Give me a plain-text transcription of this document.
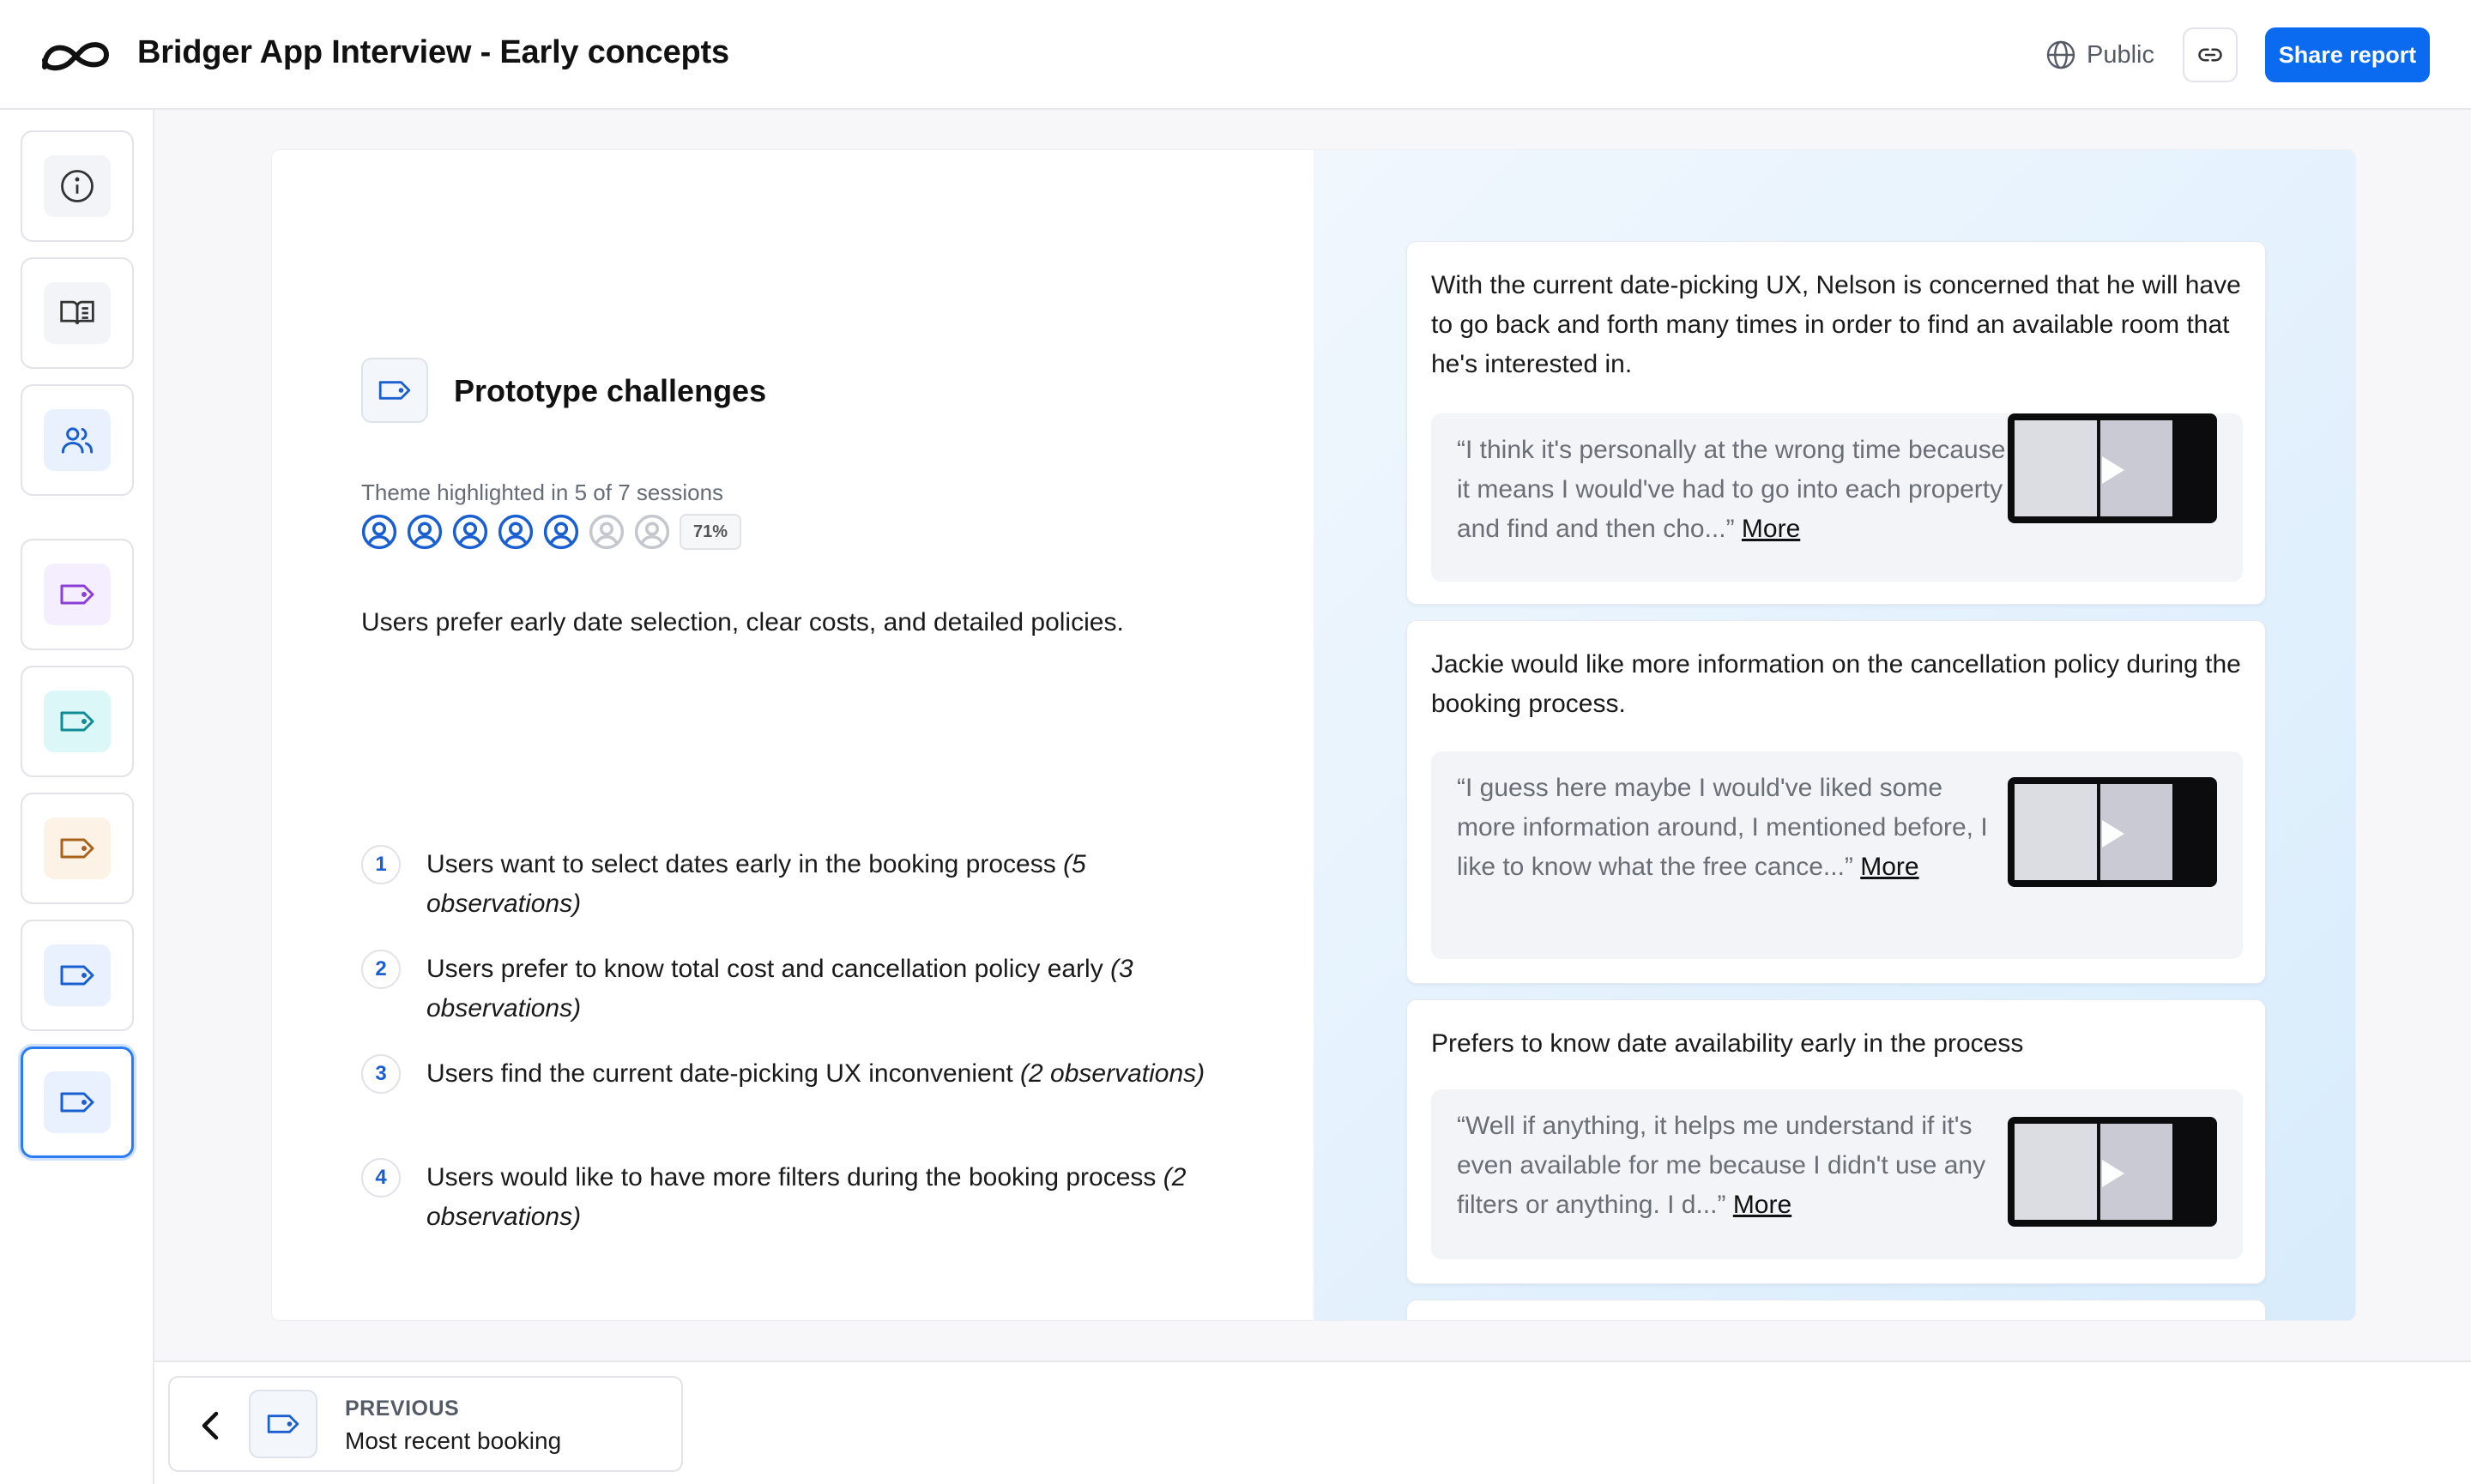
Bridger App Interview - Early concepts	Public	Share report
Prototype challenges
Theme highlighted in 5 of 7 sessions
71%
Users prefer early date selection, clear costs, and detailed policies.
1	Users want to select dates early in the booking process (5 observations)
2	Users prefer to know total cost and cancellation policy early (3 observations)
3	Users find the current date-picking UX inconvenient (2 observations)
4	Users would like to have more filters during the booking process (2 observations)
With the current date-picking UX, Nelson is concerned that he will have to go back and forth many times in order to find an available room that he's interested in.
“I think it's personally at the wrong time because it means I would've had to go into each property and find and then cho...” More
Jackie would like more information on the cancellation policy during the booking process.
“I guess here maybe I would've liked some more information around, I mentioned before, I like to know what the free cance...” More
Prefers to know date availability early in the process
“Well if anything, it helps me understand if it's even available for me because I didn't use any filters or anything. I d...” More
PREVIOUS
Most recent booking
